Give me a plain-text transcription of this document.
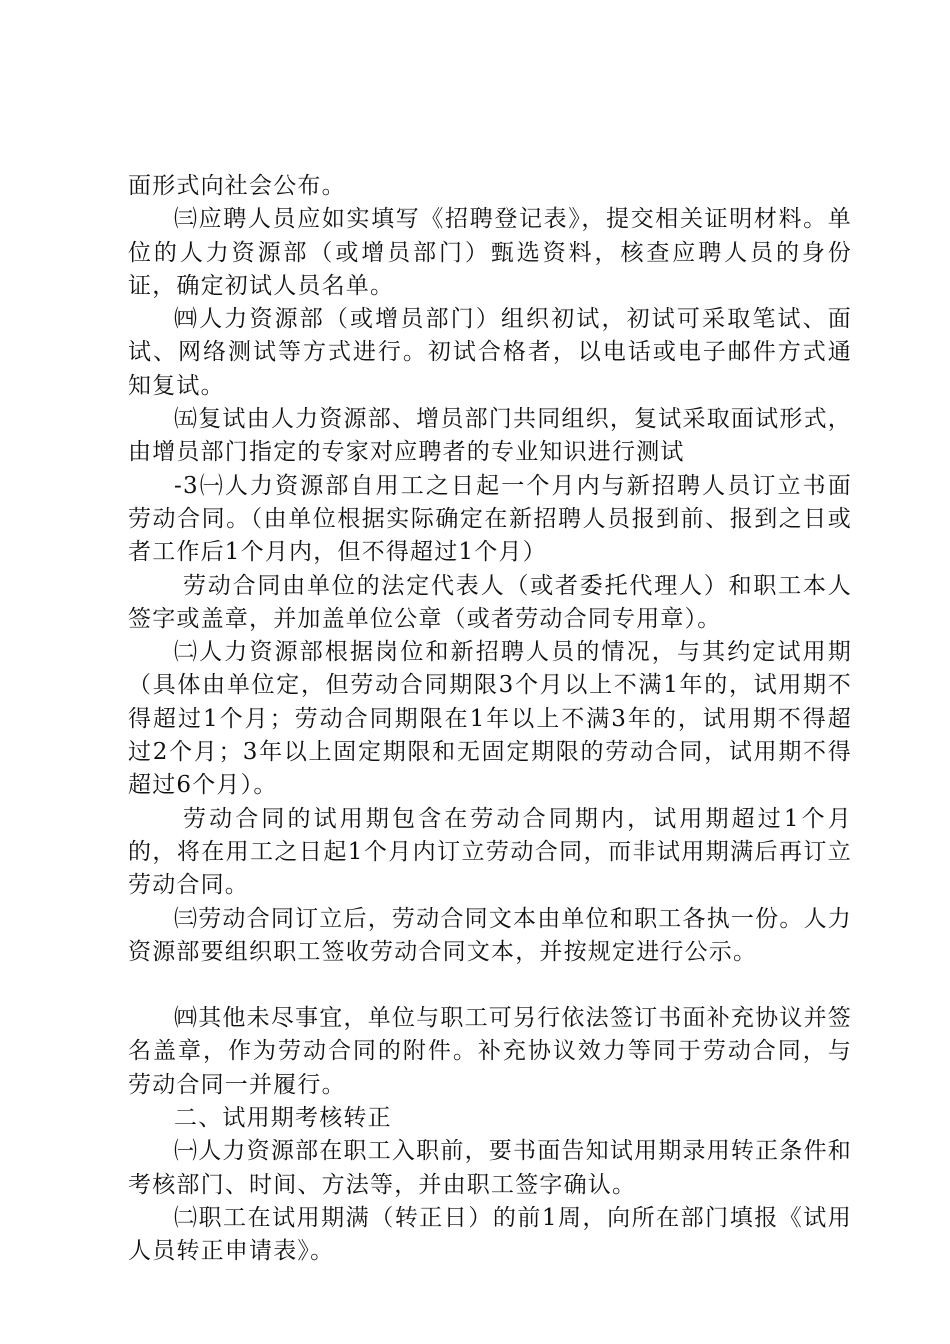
面形式向社会公布。

㈢应聘人员应如实填写《招聘登记表》，提交相关证明材料。单位的人力资源部（或增员部门）甄选资料，核查应聘人员的身份证，确定初试人员名单。

㈣人力资源部（或增员部门）组织初试，初试可采取笔试、面试、网络测试等方式进行。初试合格者，以电话或电子邮件方式通知复试。

㈤复试由人力资源部、增员部门共同组织，复试采取面试形式，由增员部门指定的专家对应聘者的专业知识进行测试

-3㈠人力资源部自用工之日起一个月内与新招聘人员订立书面劳动合同。（由单位根据实际确定在新招聘人员报到前、报到之日或者工作后1个月内，但不得超过1个月）

劳动合同由单位的法定代表人（或者委托代理人）和职工本人签字或盖章，并加盖单位公章（或者劳动合同专用章）。

㈡人力资源部根据岗位和新招聘人员的情况，与其约定试用期（具体由单位定，但劳动合同期限3个月以上不满1年的，试用期不得超过1个月；劳动合同期限在1年以上不满3年的，试用期不得超过2个月；3年以上固定期限和无固定期限的劳动合同，试用期不得超过6个月）。

劳动合同的试用期包含在劳动合同期内，试用期超过1个月的，将在用工之日起1个月内订立劳动合同，而非试用期满后再订立劳动合同。

㈢劳动合同订立后，劳动合同文本由单位和职工各执一份。人力资源部要组织职工签收劳动合同文本，并按规定进行公示。

㈣其他未尽事宜，单位与职工可另行依法签订书面补充协议并签名盖章，作为劳动合同的附件。补充协议效力等同于劳动合同，与劳动合同一并履行。

二、试用期考核转正

㈠人力资源部在职工入职前，要书面告知试用期录用转正条件和考核部门、时间、方法等，并由职工签字确认。

㈡职工在试用期满（转正日）的前1周，向所在部门填报《试用人员转正申请表》。
